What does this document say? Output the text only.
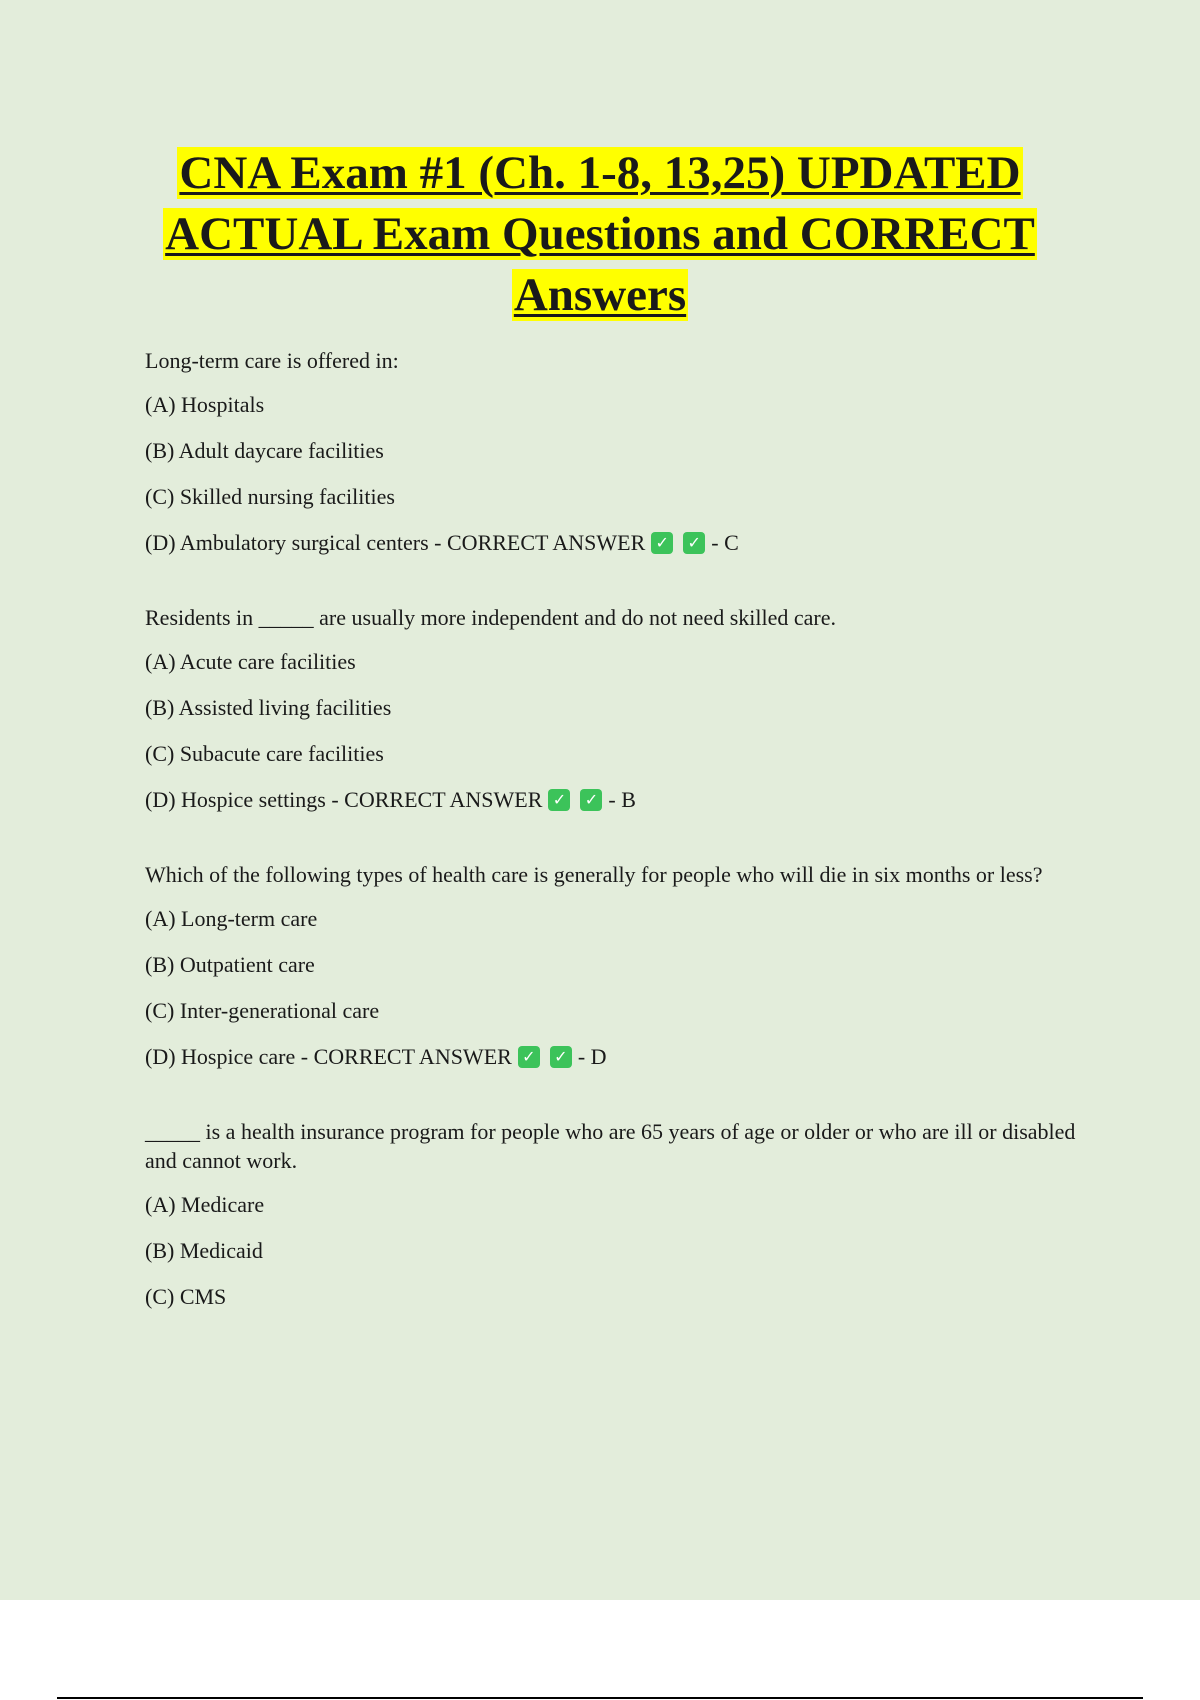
CNA Exam #1 (Ch. 1-8, 13,25) UPDATED ACTUAL Exam Questions and CORRECT Answers
Long-term care is offered in:
(A) Hospitals
(B) Adult daycare facilities
(C) Skilled nursing facilities
(D) Ambulatory surgical centers - CORRECT ANSWER ✓ ✓ - C
Residents in _____ are usually more independent and do not need skilled care.
(A) Acute care facilities
(B) Assisted living facilities
(C) Subacute care facilities
(D) Hospice settings - CORRECT ANSWER ✓ ✓ - B
Which of the following types of health care is generally for people who will die in six months or less?
(A) Long-term care
(B) Outpatient care
(C) Inter-generational care
(D) Hospice care - CORRECT ANSWER ✓ ✓ - D
_____ is a health insurance program for people who are 65 years of age or older or who are ill or disabled and cannot work.
(A) Medicare
(B) Medicaid
(C) CMS
